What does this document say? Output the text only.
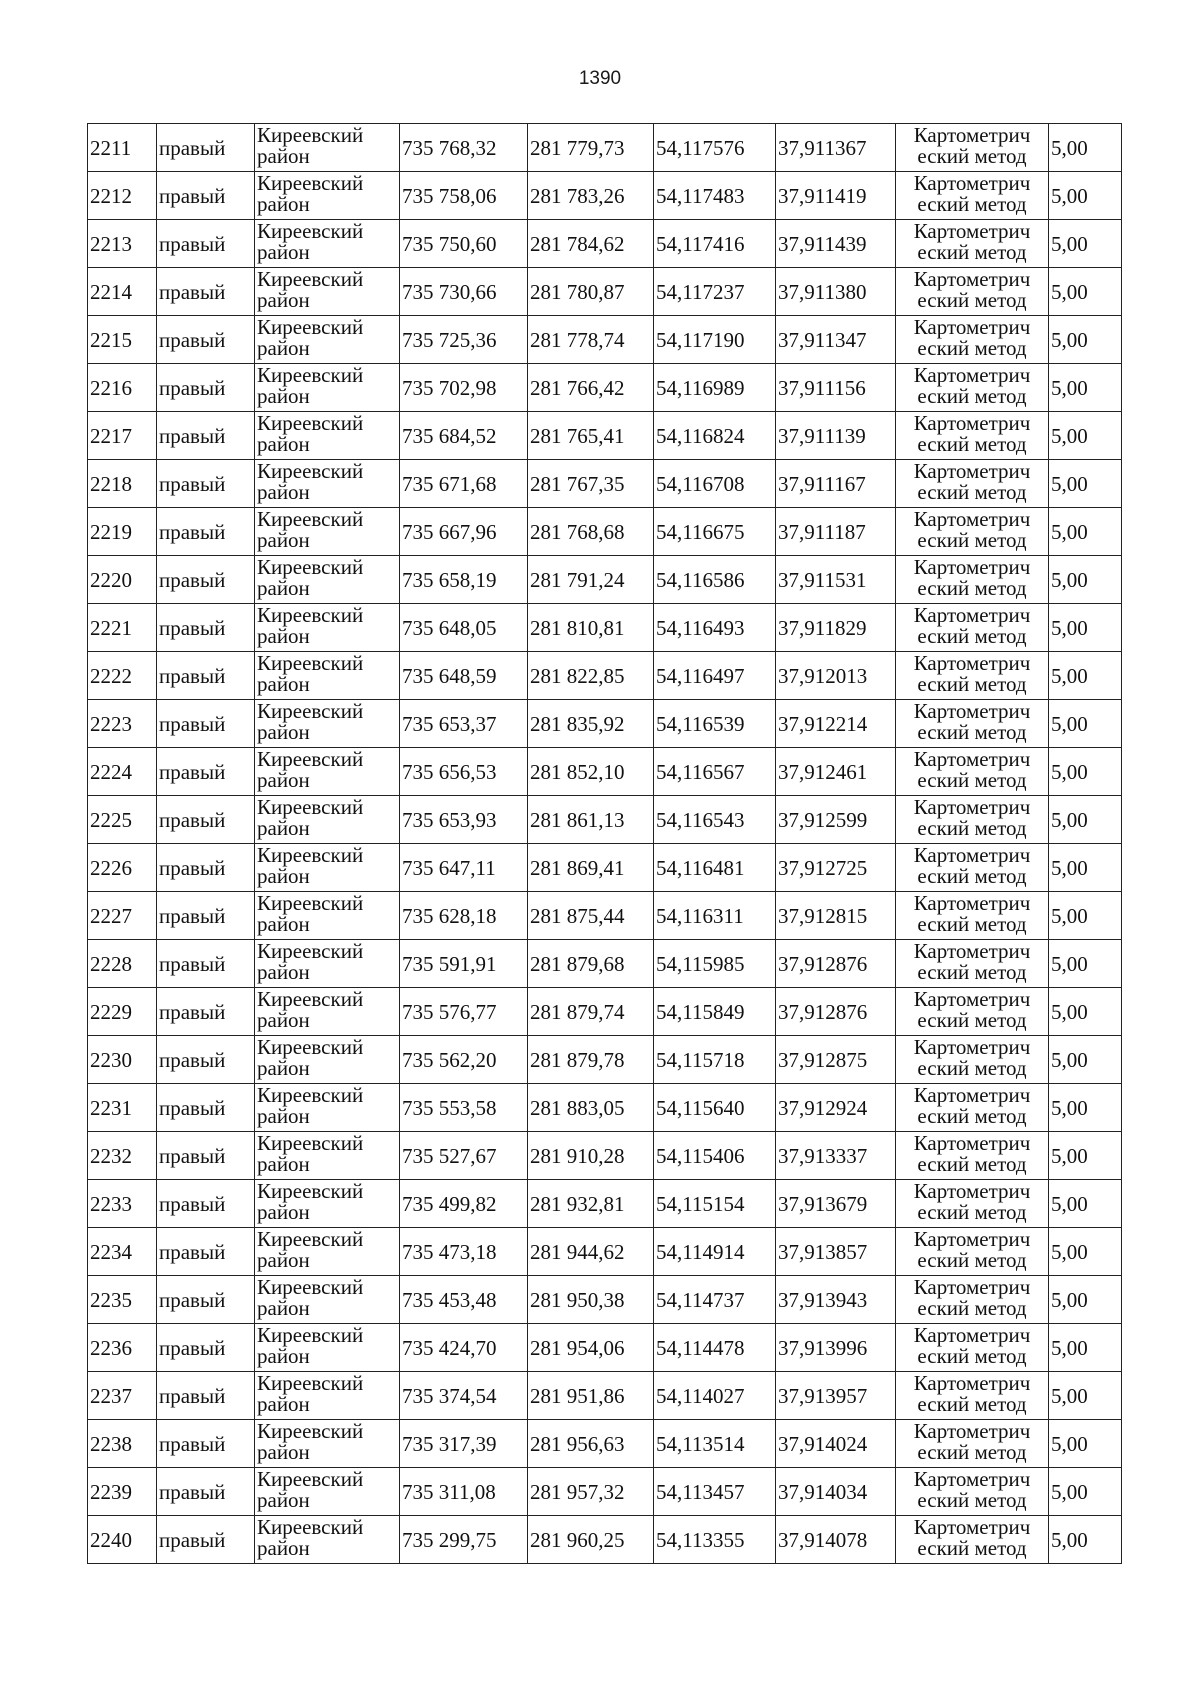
1390
2211	правый	Киреевский район	735 768,32	281 779,73	54,117576	37,911367	Картометрич еский метод	5,00
2212	правый	Киреевский район	735 758,06	281 783,26	54,117483	37,911419	Картометрич еский метод	5,00
2213	правый	Киреевский район	735 750,60	281 784,62	54,117416	37,911439	Картометрич еский метод	5,00
2214	правый	Киреевский район	735 730,66	281 780,87	54,117237	37,911380	Картометрич еский метод	5,00
2215	правый	Киреевский район	735 725,36	281 778,74	54,117190	37,911347	Картометрич еский метод	5,00
2216	правый	Киреевский район	735 702,98	281 766,42	54,116989	37,911156	Картометрич еский метод	5,00
2217	правый	Киреевский район	735 684,52	281 765,41	54,116824	37,911139	Картометрич еский метод	5,00
2218	правый	Киреевский район	735 671,68	281 767,35	54,116708	37,911167	Картометрич еский метод	5,00
2219	правый	Киреевский район	735 667,96	281 768,68	54,116675	37,911187	Картометрич еский метод	5,00
2220	правый	Киреевский район	735 658,19	281 791,24	54,116586	37,911531	Картометрич еский метод	5,00
2221	правый	Киреевский район	735 648,05	281 810,81	54,116493	37,911829	Картометрич еский метод	5,00
2222	правый	Киреевский район	735 648,59	281 822,85	54,116497	37,912013	Картометрич еский метод	5,00
2223	правый	Киреевский район	735 653,37	281 835,92	54,116539	37,912214	Картометрич еский метод	5,00
2224	правый	Киреевский район	735 656,53	281 852,10	54,116567	37,912461	Картометрич еский метод	5,00
2225	правый	Киреевский район	735 653,93	281 861,13	54,116543	37,912599	Картометрич еский метод	5,00
2226	правый	Киреевский район	735 647,11	281 869,41	54,116481	37,912725	Картометрич еский метод	5,00
2227	правый	Киреевский район	735 628,18	281 875,44	54,116311	37,912815	Картометрич еский метод	5,00
2228	правый	Киреевский район	735 591,91	281 879,68	54,115985	37,912876	Картометрич еский метод	5,00
2229	правый	Киреевский район	735 576,77	281 879,74	54,115849	37,912876	Картометрич еский метод	5,00
2230	правый	Киреевский район	735 562,20	281 879,78	54,115718	37,912875	Картометрич еский метод	5,00
2231	правый	Киреевский район	735 553,58	281 883,05	54,115640	37,912924	Картометрич еский метод	5,00
2232	правый	Киреевский район	735 527,67	281 910,28	54,115406	37,913337	Картометрич еский метод	5,00
2233	правый	Киреевский район	735 499,82	281 932,81	54,115154	37,913679	Картометрич еский метод	5,00
2234	правый	Киреевский район	735 473,18	281 944,62	54,114914	37,913857	Картометрич еский метод	5,00
2235	правый	Киреевский район	735 453,48	281 950,38	54,114737	37,913943	Картометрич еский метод	5,00
2236	правый	Киреевский район	735 424,70	281 954,06	54,114478	37,913996	Картометрич еский метод	5,00
2237	правый	Киреевский район	735 374,54	281 951,86	54,114027	37,913957	Картометрич еский метод	5,00
2238	правый	Киреевский район	735 317,39	281 956,63	54,113514	37,914024	Картометрич еский метод	5,00
2239	правый	Киреевский район	735 311,08	281 957,32	54,113457	37,914034	Картометрич еский метод	5,00
2240	правый	Киреевский район	735 299,75	281 960,25	54,113355	37,914078	Картометрич еский метод	5,00
